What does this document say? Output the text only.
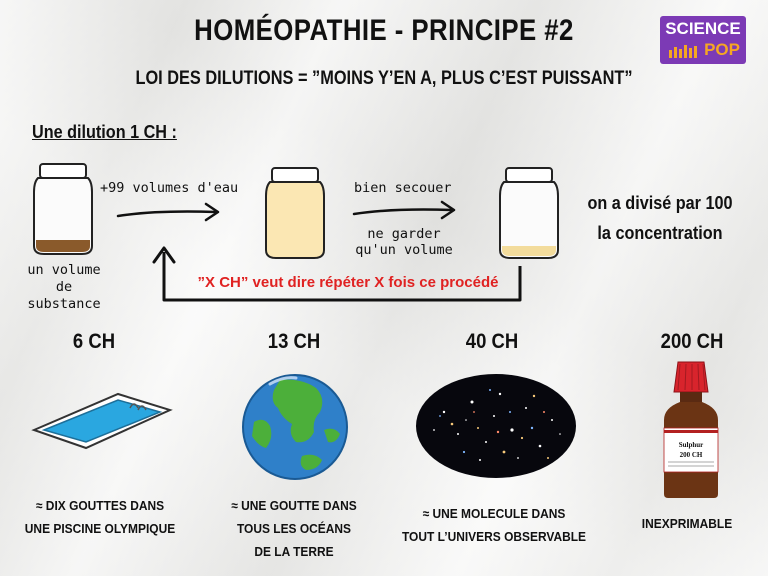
HOMÉOPATHIE - PRINCIPE #2
LOI DES DILUTIONS = ”MOINS Y’EN A, PLUS C’EST PUISSANT”
SCIENCE
POP
Une dilution 1 CH :
un volume
de substance
+99 volumes d'eau	bien secouer
ne garder
qu'un volume
on a divisé par 100
la concentration
”X CH” veut dire répéter X fois ce procédé
6 CH	13 CH	40 CH	200 CH
Sulphur
200 CH
≈ DIX GOUTTES DANS
UNE PISCINE OLYMPIQUE
≈ UNE GOUTTE DANS
TOUS LES OCÉANS
DE LA TERRE
≈ UNE MOLECULE DANS
TOUT L’UNIVERS OBSERVABLE
INEXPRIMABLE
